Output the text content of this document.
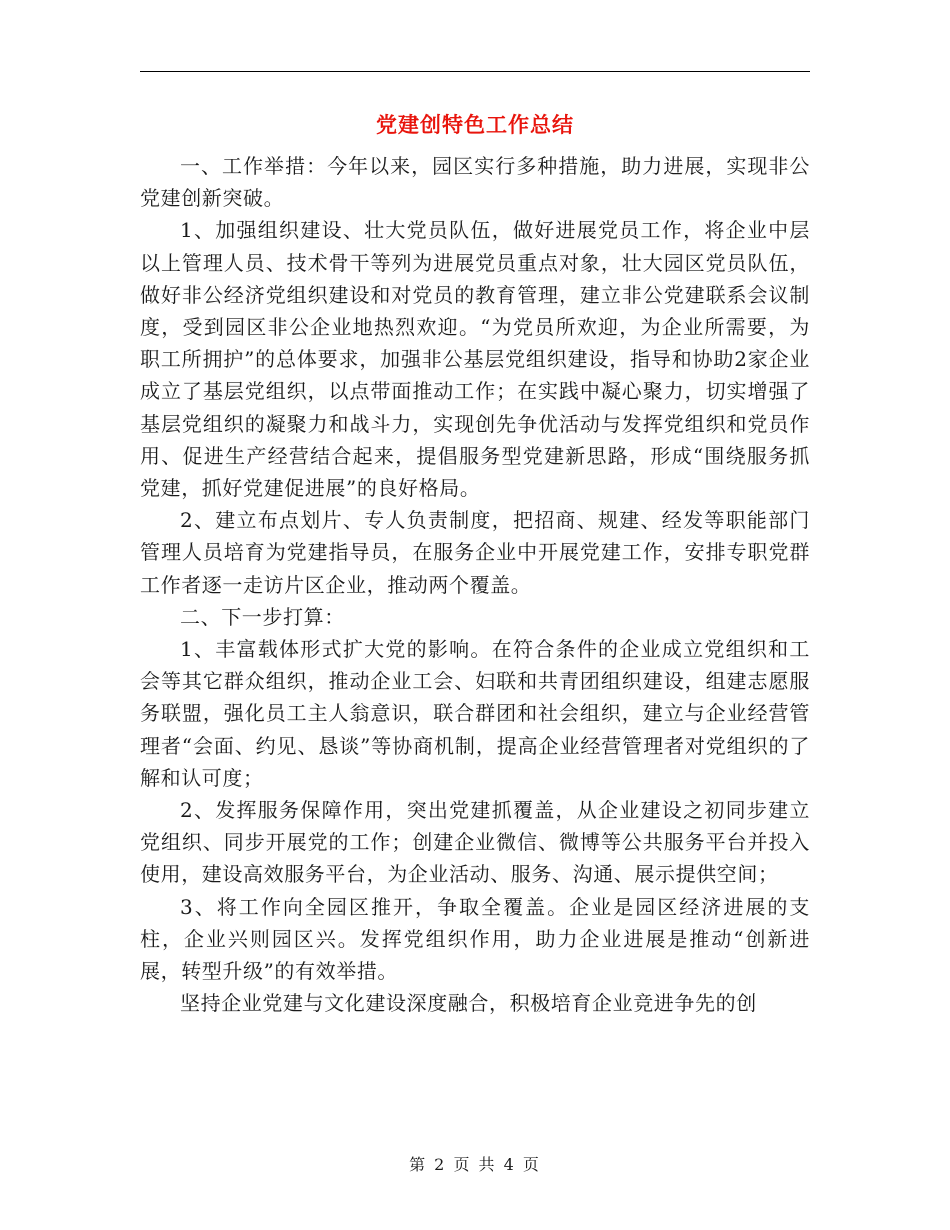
党建创特色工作总结

一、工作举措：今年以来，园区实行多种措施，助力进展，实现非公党建创新突破。

1、加强组织建设、壮大党员队伍，做好进展党员工作，将企业中层以上管理人员、技术骨干等列为进展党员重点对象，壮大园区党员队伍，做好非公经济党组织建设和对党员的教育管理，建立非公党建联系会议制度，受到园区非公企业地热烈欢迎。“为党员所欢迎，为企业所需要，为职工所拥护”的总体要求，加强非公基层党组织建设，指导和协助2家企业成立了基层党组织，以点带面推动工作；在实践中凝心聚力，切实增强了基层党组织的凝聚力和战斗力，实现创先争优活动与发挥党组织和党员作用、促进生产经营结合起来，提倡服务型党建新思路，形成“围绕服务抓党建，抓好党建促进展”的良好格局。

2、建立布点划片、专人负责制度，把招商、规建、经发等职能部门管理人员培育为党建指导员，在服务企业中开展党建工作，安排专职党群工作者逐一走访片区企业，推动两个覆盖。

二、下一步打算：

1、丰富载体形式扩大党的影响。在符合条件的企业成立党组织和工会等其它群众组织，推动企业工会、妇联和共青团组织建设，组建志愿服务联盟，强化员工主人翁意识，联合群团和社会组织，建立与企业经营管理者“会面、约见、恳谈”等协商机制，提高企业经营管理者对党组织的了解和认可度；

2、发挥服务保障作用，突出党建抓覆盖，从企业建设之初同步建立党组织、同步开展党的工作；创建企业微信、微博等公共服务平台并投入使用，建设高效服务平台，为企业活动、服务、沟通、展示提供空间；

3、将工作向全园区推开，争取全覆盖。企业是园区经济进展的支柱，企业兴则园区兴。发挥党组织作用，助力企业进展是推动“创新进展，转型升级”的有效举措。

坚持企业党建与文化建设深度融合，积极培育企业竞进争先的创

第 2 页 共 4 页
